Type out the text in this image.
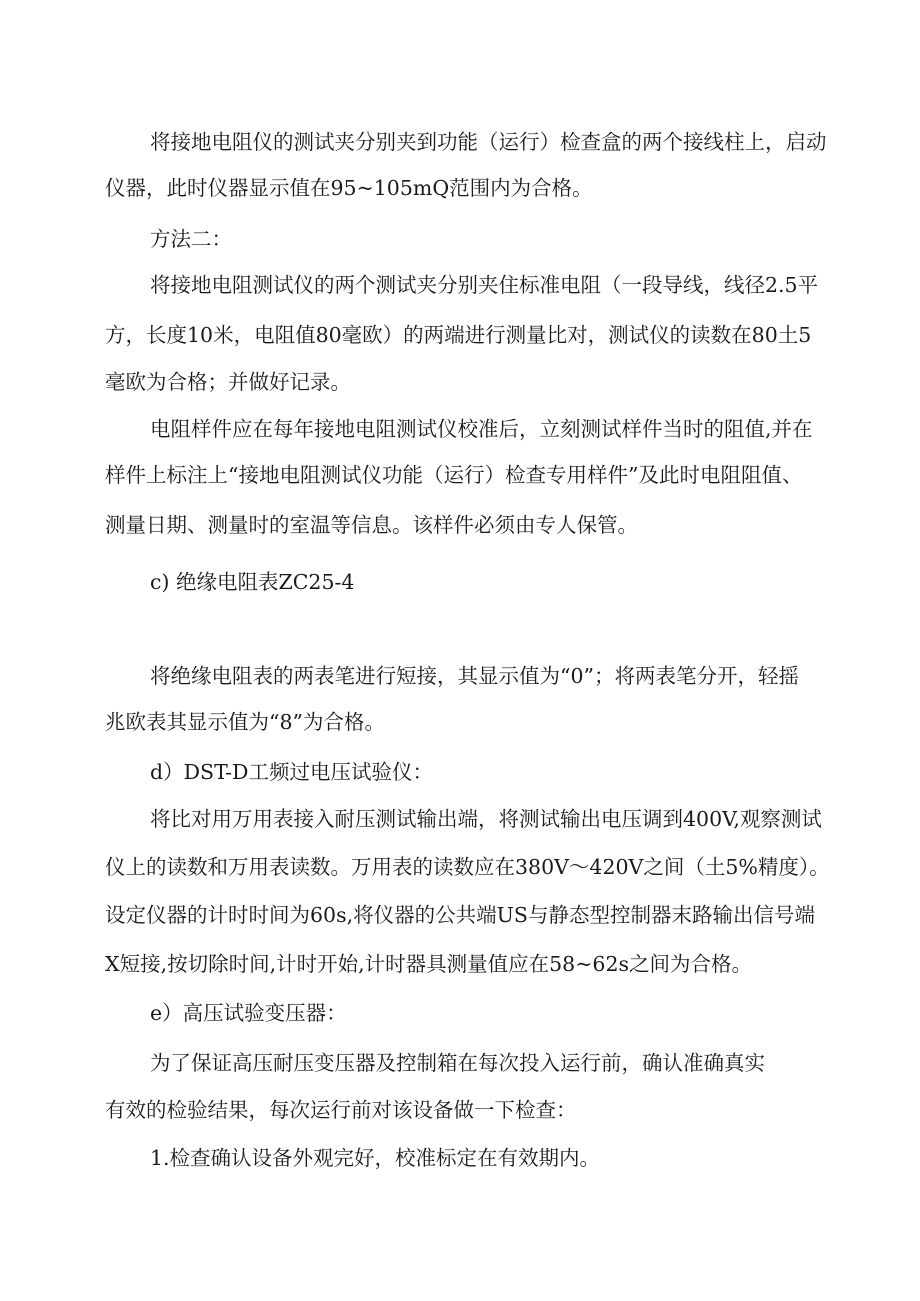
将接地电阻仪的测试夹分别夹到功能（运行）检查盒的两个接线柱上，启动
仪器，此时仪器显示值在95~105mQ范围内为合格。
方法二：
将接地电阻测试仪的两个测试夹分别夹住标准电阻（一段导线，线径2.5平
方，长度10米，电阻值80毫欧）的两端进行测量比对，测试仪的读数在80土5
毫欧为合格；并做好记录。
电阻样件应在每年接地电阻测试仪校准后，立刻测试样件当时的阻值,并在
样件上标注上“接地电阻测试仪功能（运行）检查专用样件”及此时电阻阻值、
测量日期、测量时的室温等信息。该样件必须由专人保管。
c) 绝缘电阻表ZC25-4
将绝缘电阻表的两表笔进行短接，其显示值为“0”；将两表笔分开，轻摇
兆欧表其显示值为“8”为合格。
d）DST-D工频过电压试验仪：
将比对用万用表接入耐压测试输出端，将测试输出电压调到400V,观察测试
仪上的读数和万用表读数。万用表的读数应在380V～420V之间（土5%精度）。
设定仪器的计时时间为60s,将仪器的公共端US与静态型控制器末路输出信号端
X短接,按切除时间,计时开始,计时器具测量值应在58~62s之间为合格。
e）高压试验变压器：
为了保证高压耐压变压器及控制箱在每次投入运行前，确认准确真实
有效的检验结果，每次运行前对该设备做一下检查：
1.检查确认设备外观完好，校准标定在有效期内。
